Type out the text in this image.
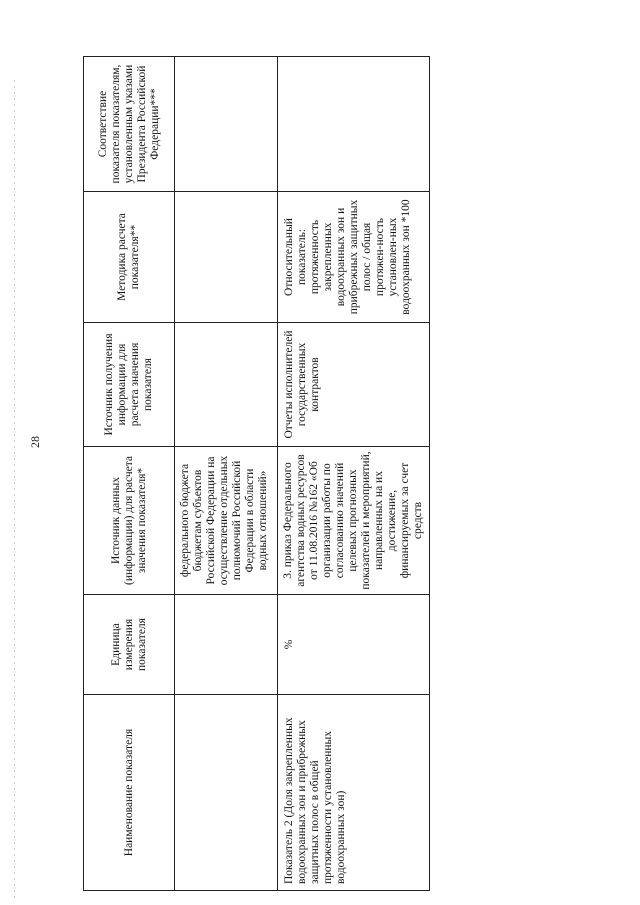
28
Наименование показателя	Единица измерения показателя	Источник данных (информации) для расчета значения показателя*	Источник получения информации для расчета значения показателя	Методика расчета показателя**	Соответствие показателя показателям, установленным указами Президента Российской Федерации***
		федерального бюджета бюджетам субъектов Российской Федерации на осуществление отдельных полномочий Российской Федерации в области водных отношений»			
Показатель 2 (Доля закрепленных водоохранных зон и прибрежных защитных полос в общей протяженности установленных водоохранных зон)	%	3. приказ Федерального агентства водных ресурсов от 11.08.2016 №162 «Об организации работы по согласованию значений целевых прогнозных показателей и мероприятий, направленных на их достижение, финансируемых за счет средств	Отчеты исполнителей государственных контрактов	Относительный показатель: протяженность закрепленных водоохранных зон и прибрежных защитных полос / общая протяжен-ность установлен-ных водоохранных зон *100	
